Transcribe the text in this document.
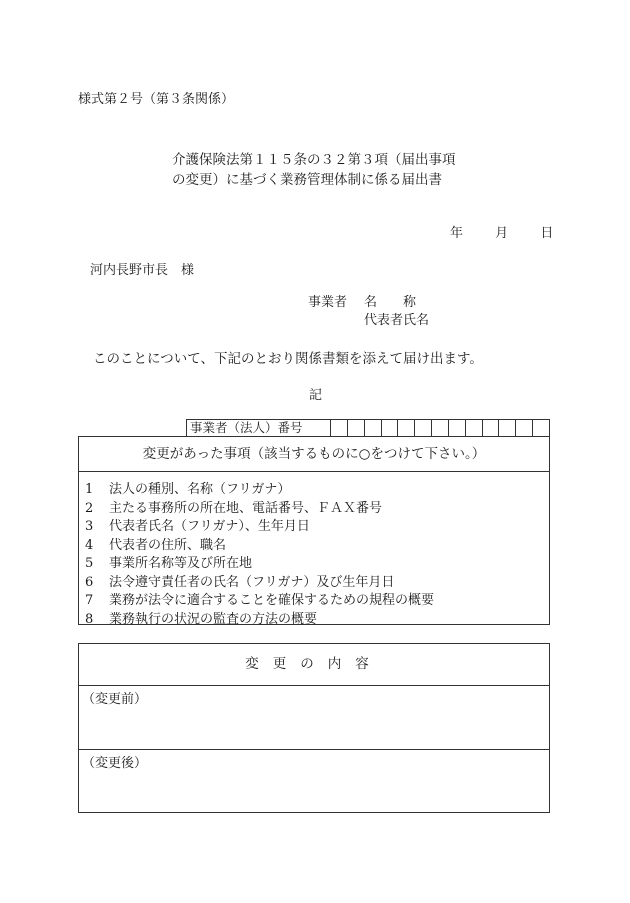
様式第２号（第３条関係）
介護保険法第１１５条の３２第３項（届出事項
の変更）に基づく業務管理体制に係る届出書
年 月 日
河内長野市長　様
事業者 名称
代表者氏名
このことについて、下記のとおり関係書類を添えて届け出ます。
記
事業者（法人）番号
変更があった事項（該当するものに○をつけて下さい。）
1 法人の種別、名称（フリガナ）
2 主たる事務所の所在地、電話番号、ＦＡＸ番号
3 代表者氏名（フリガナ）、生年月日
4 代表者の住所、職名
5 事業所名称等及び所在地
6 法令遵守責任者の氏名（フリガナ）及び生年月日
7 業務が法令に適合することを確保するための規程の概要
8 業務執行の状況の監査の方法の概要
変更の内容
（変更前）
（変更後）
